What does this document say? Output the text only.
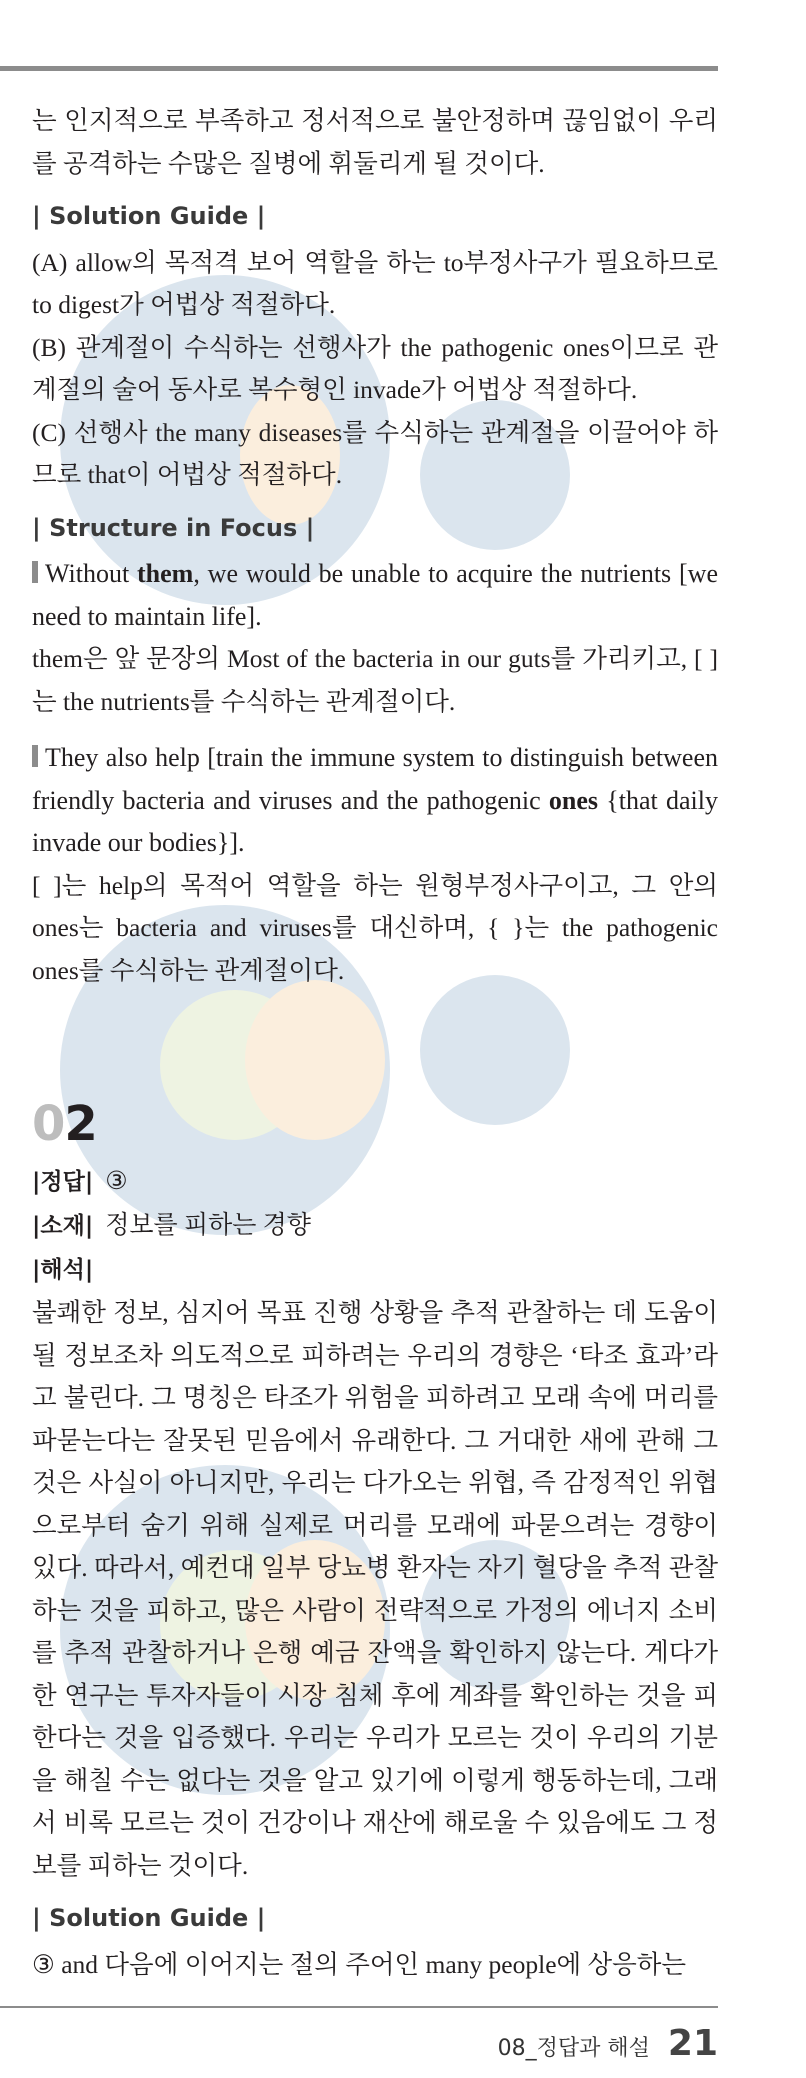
는 인지적으로 부족하고 정서적으로 불안정하며 끊임없이 우리를 공격하는 수많은 질병에 휘둘리게 될 것이다.

| Solution Guide |

(A) allow의 목적격 보어 역할을 하는 to부정사구가 필요하므로 to digest가 어법상 적절하다.

(B) 관계절이 수식하는 선행사가 the pathogenic ones이므로 관계절의 술어 동사로 복수형인 invade가 어법상 적절하다.

(C) 선행사 the many diseases를 수식하는 관계절을 이끌어야 하므로 that이 어법상 적절하다.

| Structure in Focus |

Without them, we would be unable to acquire the nutrients [we need to maintain life].

them은 앞 문장의 Most of the bacteria in our guts를 가리키고, [ ]는 the nutrients를 수식하는 관계절이다.

They also help [train the immune system to distinguish between friendly bacteria and viruses and the pathogenic ones {that daily invade our bodies}].

[ ]는 help의 목적어 역할을 하는 원형부정사구이고, 그 안의 ones는 bacteria and viruses를 대신하며, { }는 the pathogenic ones를 수식하는 관계절이다.

02

|정답| ③

|소재| 정보를 피하는 경향

|해석|

불쾌한 정보, 심지어 목표 진행 상황을 추적 관찰하는 데 도움이 될 정보조차 의도적으로 피하려는 우리의 경향은 ‘타조 효과’라고 불린다. 그 명칭은 타조가 위험을 피하려고 모래 속에 머리를 파묻는다는 잘못된 믿음에서 유래한다. 그 거대한 새에 관해 그것은 사실이 아니지만, 우리는 다가오는 위협, 즉 감정적인 위협으로부터 숨기 위해 실제로 머리를 모래에 파묻으려는 경향이 있다. 따라서, 예컨대 일부 당뇨병 환자는 자기 혈당을 추적 관찰하는 것을 피하고, 많은 사람이 전략적으로 가정의 에너지 소비를 추적 관찰하거나 은행 예금 잔액을 확인하지 않는다. 게다가 한 연구는 투자자들이 시장 침체 후에 계좌를 확인하는 것을 피한다는 것을 입증했다. 우리는 우리가 모르는 것이 우리의 기분을 해칠 수는 없다는 것을 알고 있기에 이렇게 행동하는데, 그래서 비록 모르는 것이 건강이나 재산에 해로울 수 있음에도 그 정보를 피하는 것이다.

| Solution Guide |

③ and 다음에 이어지는 절의 주어인 many people에 상응하는

08_정답과 해설 21
